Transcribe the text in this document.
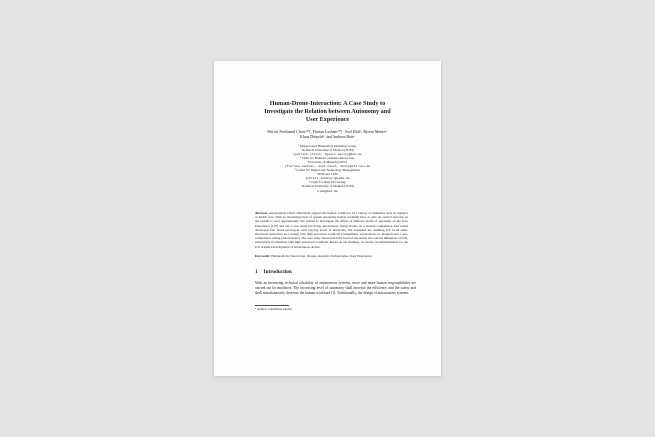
Human-Drone-Interaction: A Case Study to
Investigate the Relation between Autonomy and
User Experience
Patrick Ferdinand Christ¹*†, Florian Lachner²*†, Axel Hösl³, Bjoern Menze¹,
Klaus Diepold⁴, and Andreas Butz³
¹ Image-based Biomedical Modeling Group,
Technical University of Munich (TUM)
{patrick.christ, bjoern.menze}@tum.de
² Chair for Human-Computer-Interaction,
University of Munich (LMU)
{florian.lachner, axel.hoesl, butz}@ifi.lmu.de
³ Center for Digital and Technology Management,
TUM and LMU
{christ,lachner}@cdtm.de
⁴ Chair for Data Processing,
Technical University of Munich (TUM)
kldi@tum.de
Abstract. Autonomous robots effectively support the human workforce in a variety of industries such as logistics or health care. With an increasing level of system autonomy human normally have to give up control and rely on the system to react appropriately. We wanted to investigate the effects of different levels of autonomy on the User Experience (UX) and ran a case study involving autonomous flying drones. In a student competition four teams developed four drone prototypes with varying levels of autonomy. We evaluated the resulting UX in 24 semi-structured interviews in a setting with high perceived workload (competition, autonomous vs. manual) and a non-competition setting (autonomous). The case study showed that the level of autonomy has various influences on UX, particularly in situations with high perceived workload. Based on our findings, we derive recommendations for the UX-oriented development of autonomous drones.
Keywords: Human-Robot Interaction, Drones, Assistive Technologies, User Experience
1 Introduction
With an increasing technical reliability of autonomous systems, more and more human responsibilities are carried out by machines. The increasing level of autonomy shall increase the efficiency and the safety and shall simultaneously decrease the human workload [1]. Traditionally, the design of autonomous systems
* Authors contributed equally
